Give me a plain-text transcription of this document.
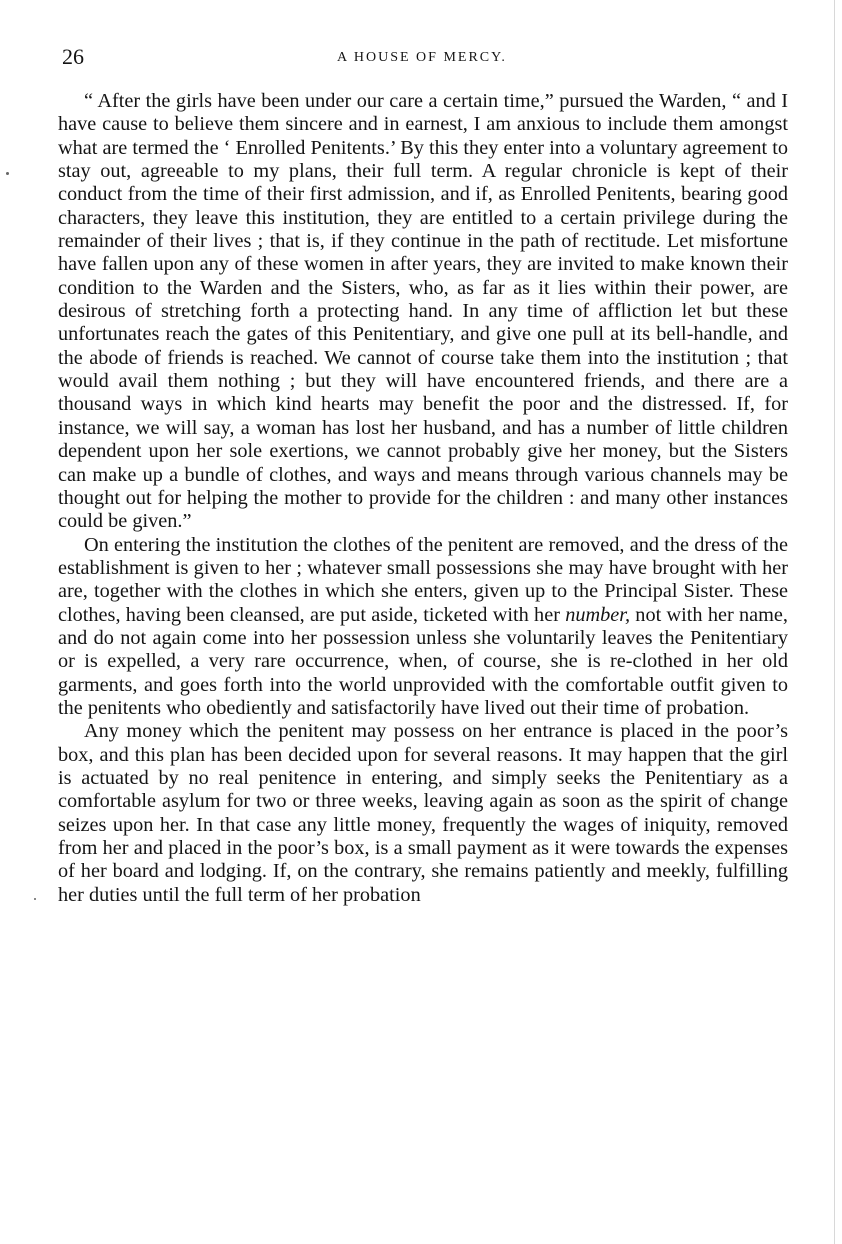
26	A HOUSE OF MERCY.

“ After the girls have been under our care a certain time,” pursued the Warden, “ and I have cause to believe them sincere and in earnest, I am anxious to include them amongst what are termed the ‘ Enrolled Penitents.’ By this they enter into a voluntary agreement to stay out, agreeable to my plans, their full term. A regular chronicle is kept of their conduct from the time of their first admission, and if, as Enrolled Penitents, bearing good characters, they leave this institution, they are entitled to a certain privilege during the remainder of their lives ; that is, if they continue in the path of rectitude. Let misfortune have fallen upon any of these women in after years, they are invited to make known their condition to the Warden and the Sisters, who, as far as it lies within their power, are desirous of stretching forth a protecting hand. In any time of affliction let but these unfortunates reach the gates of this Penitentiary, and give one pull at its bell-handle, and the abode of friends is reached. We cannot of course take them into the institution ; that would avail them nothing ; but they will have encountered friends, and there are a thousand ways in which kind hearts may benefit the poor and the distressed. If, for instance, we will say, a woman has lost her husband, and has a number of little children dependent upon her sole exertions, we cannot probably give her money, but the Sisters can make up a bundle of clothes, and ways and means through various channels may be thought out for helping the mother to provide for the children : and many other instances could be given.”

On entering the institution the clothes of the penitent are removed, and the dress of the establishment is given to her ; whatever small possessions she may have brought with her are, together with the clothes in which she enters, given up to the Principal Sister. These clothes, having been cleansed, are put aside, ticketed with her number, not with her name, and do not again come into her possession unless she voluntarily leaves the Penitentiary or is expelled, a very rare occurrence, when, of course, she is re-clothed in her old garments, and goes forth into the world unprovided with the comfortable outfit given to the penitents who obediently and satisfactorily have lived out their time of probation.

Any money which the penitent may possess on her entrance is placed in the poor’s box, and this plan has been decided upon for several reasons. It may happen that the girl is actuated by no real penitence in entering, and simply seeks the Penitentiary as a comfortable asylum for two or three weeks, leaving again as soon as the spirit of change seizes upon her. In that case any little money, frequently the wages of iniquity, removed from her and placed in the poor’s box, is a small payment as it were towards the expenses of her board and lodging. If, on the contrary, she remains patiently and meekly, fulfilling her duties until the full term of her probation
